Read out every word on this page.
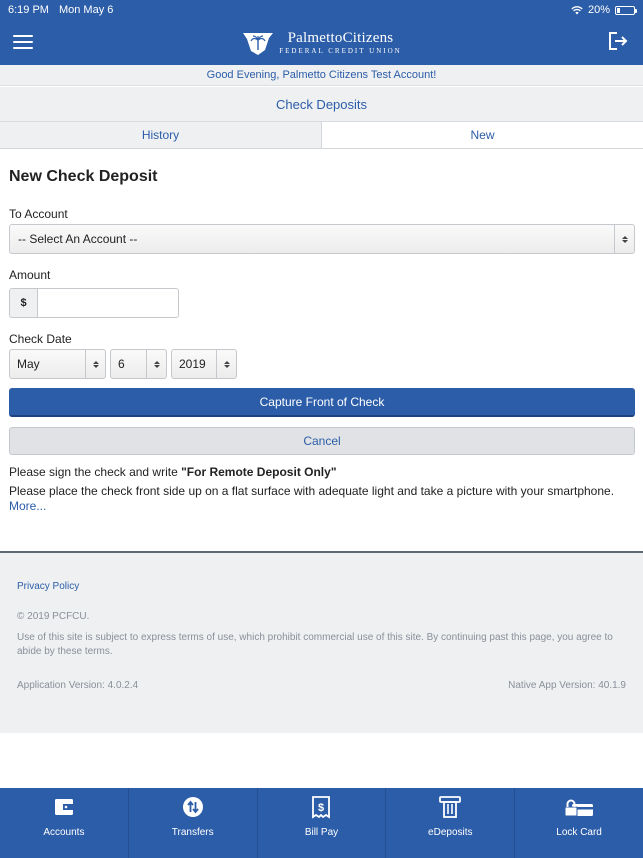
6:19 PM Mon May 6	20%
PalmettoCitizens
FEDERAL CREDIT UNION
Good Evening, Palmetto Citizens Test Account!
Check Deposits
History	New
New Check Deposit
To Account
-- Select An Account --
Amount
$
Check Date
May	6	2019
Capture Front of Check
Cancel
Please sign the check and write "For Remote Deposit Only"
Please place the check front side up on a flat surface with adequate light and take a picture with your smartphone.
More...
Privacy Policy
© 2019 PCFCU.
Use of this site is subject to express terms of use, which prohibit commercial use of this site. By continuing past this page, you agree to abide by these terms.
Application Version: 4.0.2.4	Native App Version: 40.1.9
Accounts	Transfers
$
Bill Pay	eDeposits	Lock Card
